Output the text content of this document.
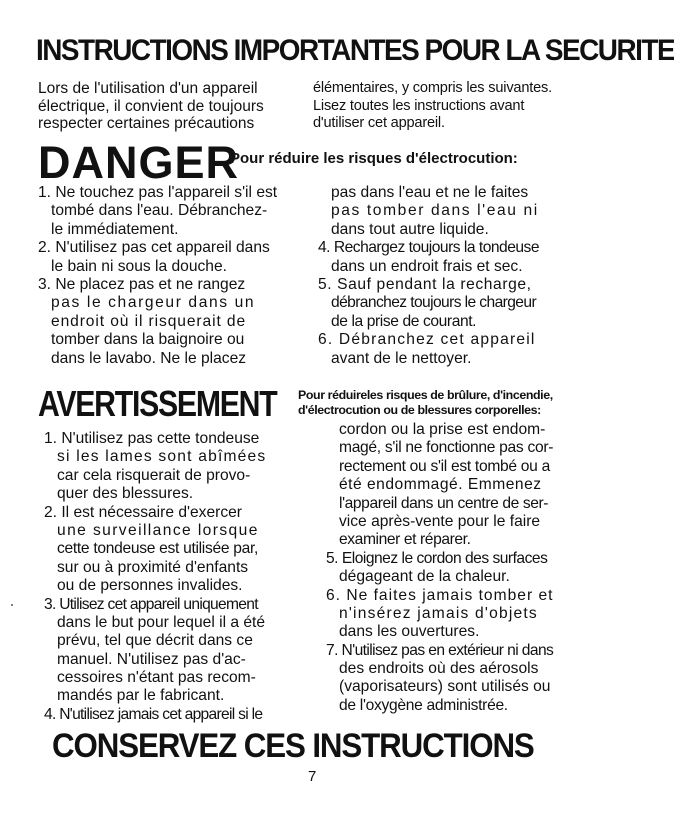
INSTRUCTIONS IMPORTANTES POUR LA SECURITE
Lors de l'utilisation d'un appareil
électrique, il convient de toujours
respecter certaines précautions
élémentaires, y compris les suivantes.
Lisez toutes les instructions avant
d'utiliser cet appareil.
DANGER
Pour réduire les risques d'électrocution:
1. Ne touchez pas l'appareil s'il est
tombé dans l'eau. Débranchez-
le immédiatement.
2. N'utilisez pas cet appareil dans
le bain ni sous la douche.
3. Ne placez pas et ne rangez
pas le chargeur dans un
endroit où il risquerait de
tomber dans la baignoire ou
dans le lavabo. Ne le placez
pas dans l'eau et ne le faites
pas tomber dans l'eau ni
dans tout autre liquide.
4. Rechargez toujours la tondeuse
dans un endroit frais et sec.
5. Sauf pendant la recharge,
débranchez toujours le chargeur
de la prise de courant.
6. Débranchez cet appareil
avant de le nettoyer.
AVERTISSEMENT Pour réduireles risques de brûlure, d'incendie,
d'électrocution ou de blessures corporelles:
1. N'utilisez pas cette tondeuse
si les lames sont abîmées
car cela risquerait de provo-
quer des blessures.
2. Il est nécessaire d'exercer
une surveillance lorsque
cette tondeuse est utilisée par,
sur ou à proximité d'enfants
ou de personnes invalides.
3. Utilisez cet appareil uniquement
dans le but pour lequel il a été
prévu, tel que décrit dans ce
manuel. N'utilisez pas d'ac-
cessoires n'étant pas recom-
mandés par le fabricant.
4. N'utilisez jamais cet appareil si le
cordon ou la prise est endom-
magé, s'il ne fonctionne pas cor-
rectement ou s'il est tombé ou a
été endommagé. Emmenez
l'appareil dans un centre de ser-
vice après-vente pour le faire
examiner et réparer.
5. Eloignez le cordon des surfaces
dégageant de la chaleur.
6. Ne faites jamais tomber et
n'insérez jamais d'objets
dans les ouvertures.
7. N'utilisez pas en extérieur ni dans
des endroits où des aérosols
(vaporisateurs) sont utilisés ou
de l'oxygène administrée.
CONSERVEZ CES INSTRUCTIONS
7
